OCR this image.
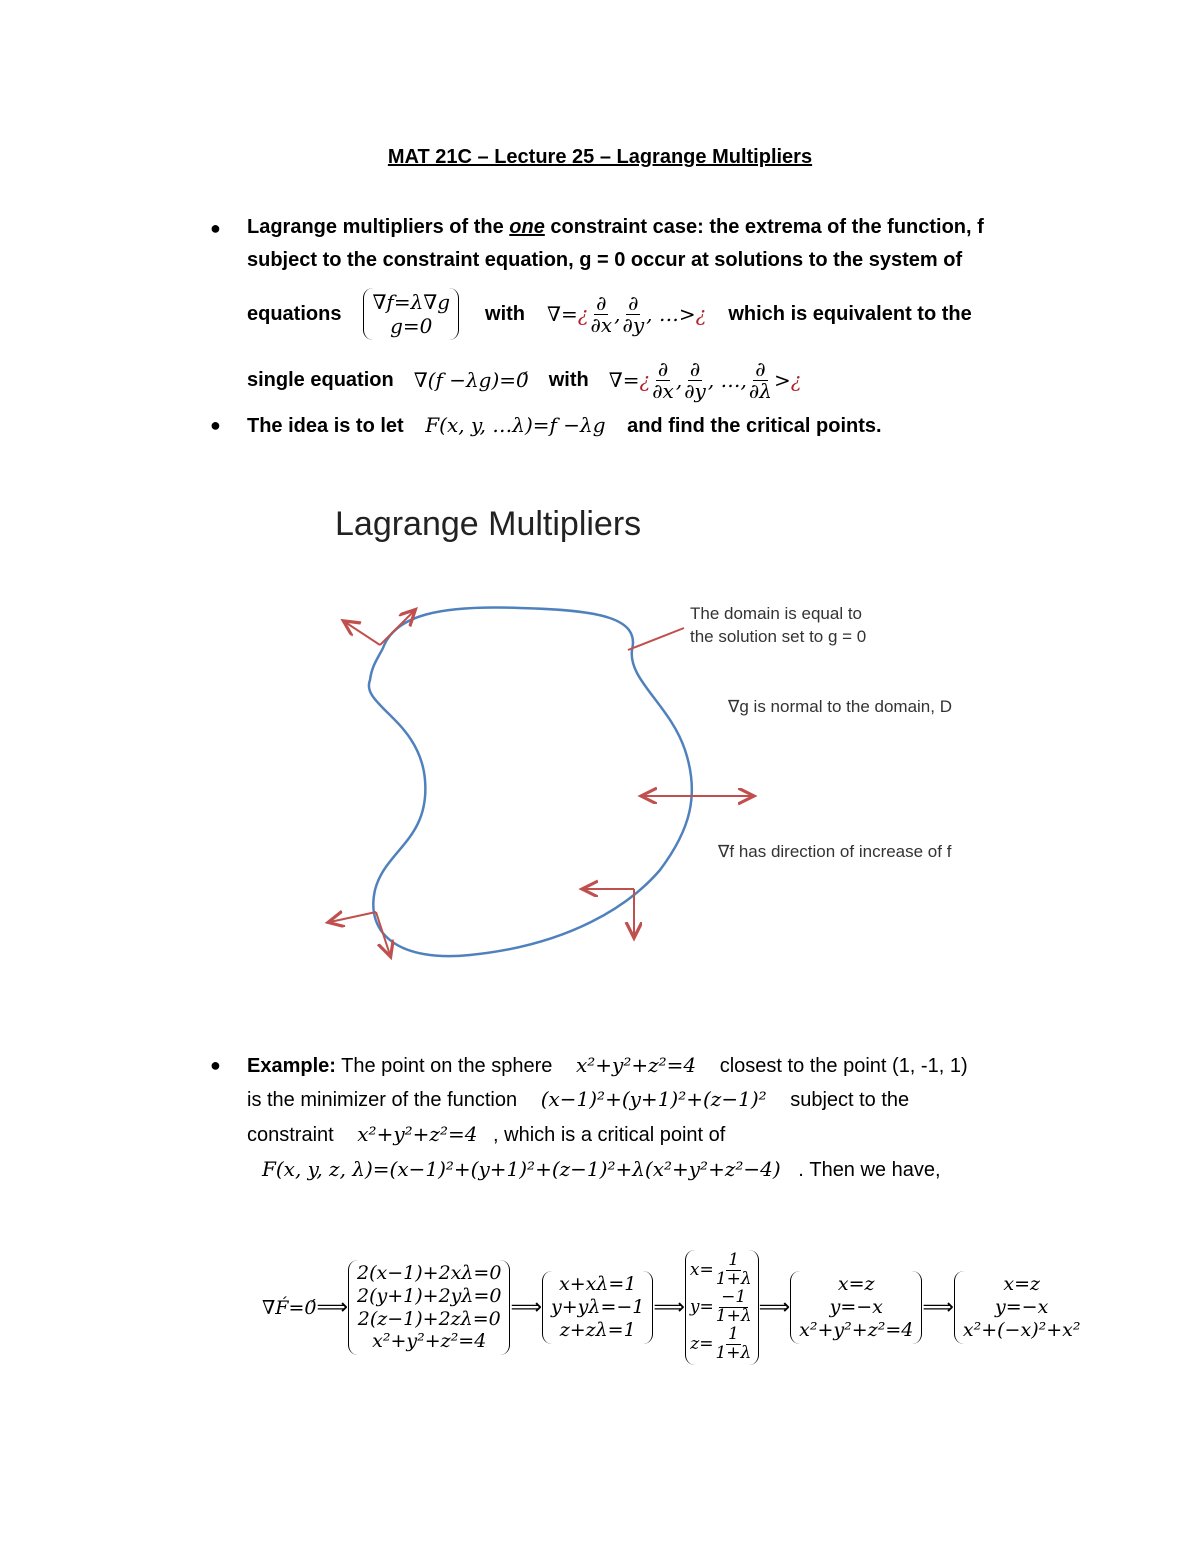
MAT 21C – Lecture 25 – Lagrange Multipliers
● Lagrange multipliers of the one constraint case: the extrema of the function, f
subject to the constraint equation, g = 0 occur at solutions to the system of
equations ∇f=λ∇g
g=0
with ∇= ¿ $\frac{\partial}{\partial x}$ , $\frac{\partial}{\partial y}$ , …> ¿ which is equivalent to the
single equation ∇(f −λg)=0́ with ∇= ¿ $\frac{\partial}{\partial x}$ , $\frac{\partial}{\partial y}$ , …, $\frac{\partial}{\partial\lambda}$ > ¿
● The idea is to let F(x, y, …λ)=f −λg and find the critical points.
Lagrange Multipliers
The domain is equal to
the solution set to g = 0
∇g is normal to the domain, D
∇f has direction of increase of f
● Example: The point on the sphere x²+y²+z²=4 closest to the point (1, -1, 1)
is the minimizer of the function (x−1)²+(y+1)²+(z−1)² subject to the
constraint x²+y²+z²=4 , which is a critical point of
F(x, y, z, λ)=(x−1)²+(y+1)²+(z−1)²+λ(x²+y²+z²−4) . Then we have,
∇F́=0́ ⟹
2(x−1)+2xλ=0
2(y+1)+2yλ=0
2(z−1)+2zλ=0
x²+y²+z²=4
⟹
x+xλ=1
y+yλ=−1
z+zλ=1
⟹
$x= \frac{1}{1+\lambda}$
$y= \frac{-1}{1+\lambda}$
$z= \frac{1}{1+\lambda}$
⟹
x=z
y=−x
x²+y²+z²=4
⟹
x=z
y=−x
x²+(−x)²+x²
